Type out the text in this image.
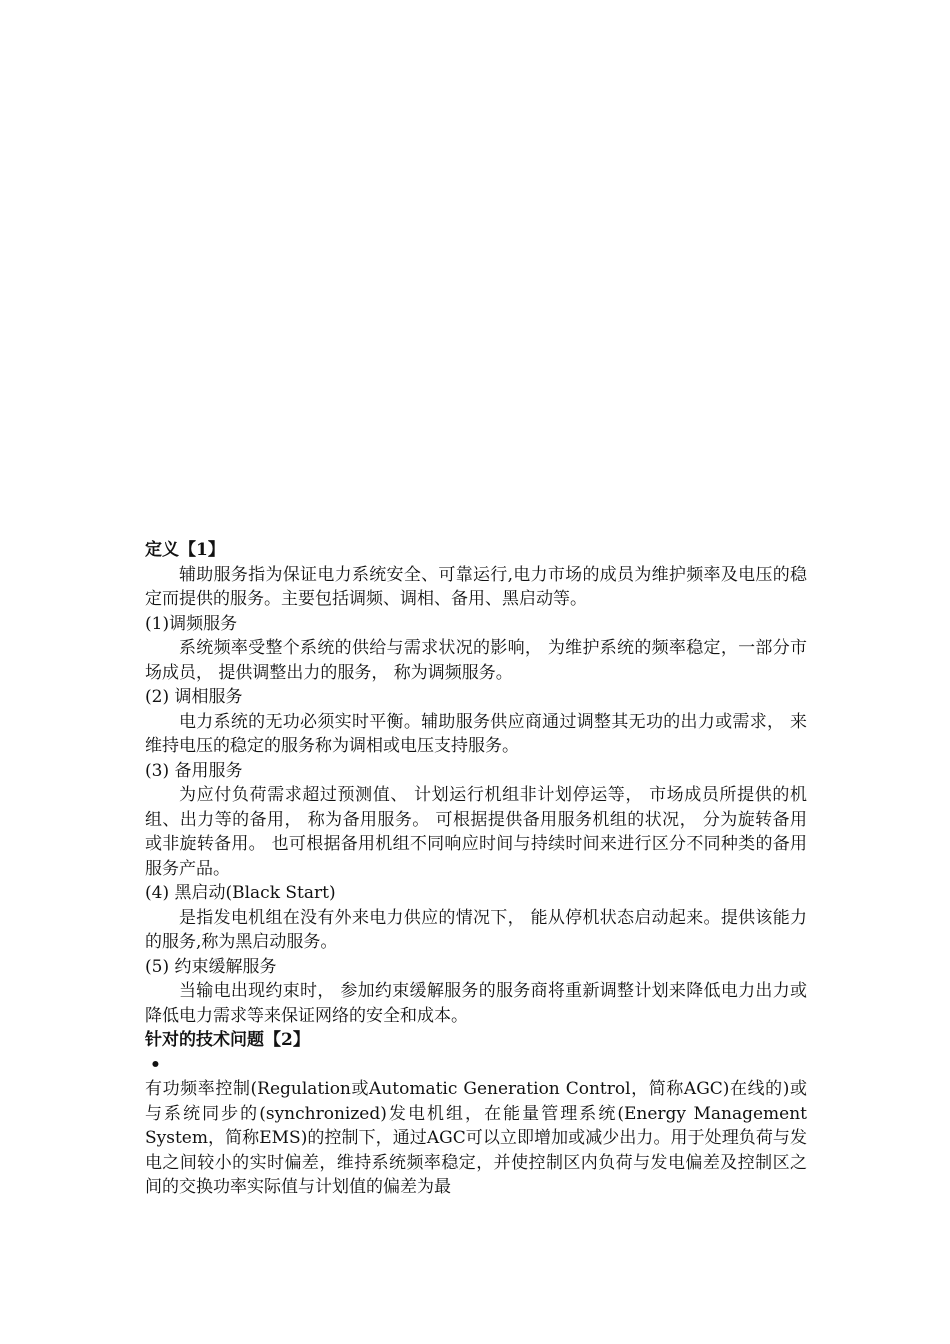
定义【1】

辅助服务指为保证电力系统安全、可靠运行,电力市场的成员为维护频率及电压的稳定而提供的服务。主要包括调频、调相、备用、黑启动等。

(1)调频服务

系统频率受整个系统的供给与需求状况的影响， 为维护系统的频率稳定，一部分市场成员， 提供调整出力的服务， 称为调频服务。

(2) 调相服务

电力系统的无功必须实时平衡。辅助服务供应商通过调整其无功的出力或需求， 来维持电压的稳定的服务称为调相或电压支持服务。

(3) 备用服务

为应付负荷需求超过预测值、 计划运行机组非计划停运等， 市场成员所提供的机组、出力等的备用， 称为备用服务。 可根据提供备用服务机组的状况， 分为旋转备用或非旋转备用。 也可根据备用机组不同响应时间与持续时间来进行区分不同种类的备用服务产品。

(4) 黑启动(Black Start)

是指发电机组在没有外来电力供应的情况下， 能从停机状态启动起来。提供该能力的服务,称为黑启动服务。

(5) 约束缓解服务

当输电出现约束时， 参加约束缓解服务的服务商将重新调整计划来降低电力出力或降低电力需求等来保证网络的安全和成本。

针对的技术问题【2】

•

有功频率控制(Regulation或Automatic Generation Control，简称AGC)在线的)或与系统同步的(synchronized)发电机组，在能量管理系统(Energy Management System，简称EMS)的控制下，通过AGC可以立即增加或减少出力。用于处理负荷与发电之间较小的实时偏差，维持系统频率稳定，并使控制区内负荷与发电偏差及控制区之间的交换功率实际值与计划值的偏差为最
